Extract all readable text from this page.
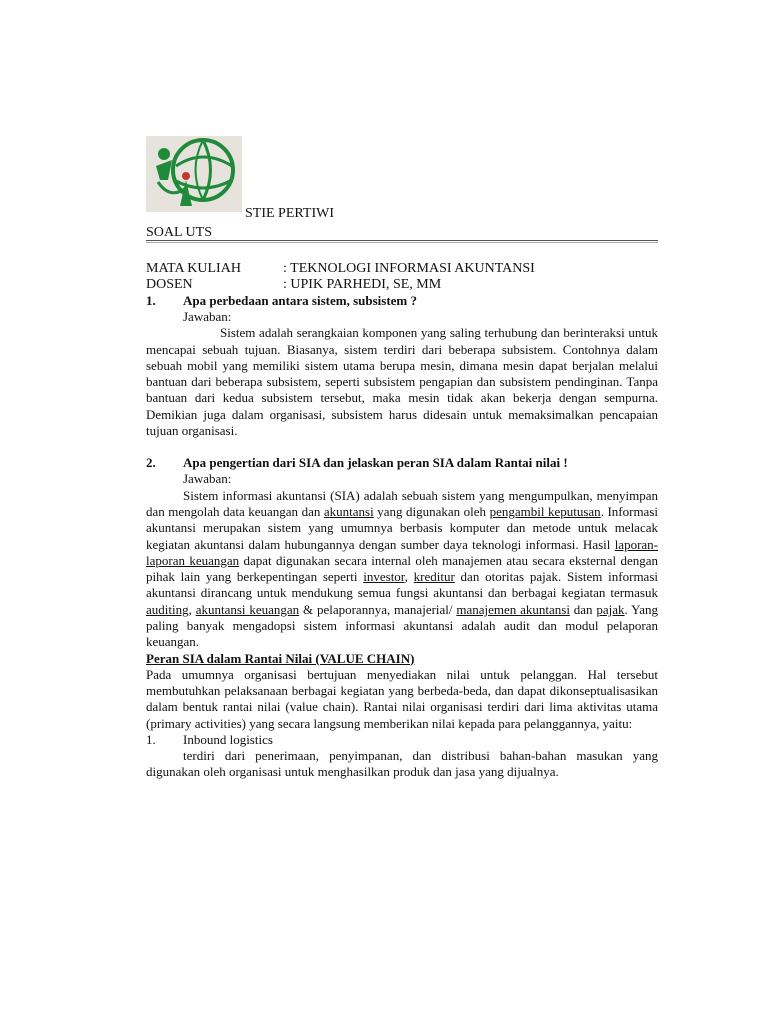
STIE PERTIWI
SOAL UTS
MATA KULIAH	: TEKNOLOGI INFORMASI AKUNTANSI
DOSEN	: UPIK PARHEDI, SE, MM
1.	Apa perbedaan antara sistem, subsistem ?
Jawaban:

Sistem adalah serangkaian komponen yang saling terhubung dan berinteraksi untuk mencapai sebuah tujuan. Biasanya, sistem terdiri dari beberapa subsistem. Contohnya dalam sebuah mobil yang memiliki sistem utama berupa mesin, dimana mesin dapat berjalan melalui bantuan dari beberapa subsistem, seperti subsistem pengapian dan subsistem pendinginan. Tanpa bantuan dari kedua subsistem tersebut, maka mesin tidak akan bekerja dengan sempurna. Demikian juga dalam organisasi, subsistem harus didesain untuk memaksimalkan pencapaian tujuan organisasi.

2.	Apa pengertian dari SIA dan jelaskan peran SIA dalam Rantai nilai !
Jawaban:

Sistem informasi akuntansi (SIA) adalah sebuah sistem yang mengumpulkan, menyimpan dan mengolah data keuangan dan akuntansi yang digunakan oleh pengambil keputusan. Informasi akuntansi merupakan sistem yang umumnya berbasis komputer dan metode untuk melacak kegiatan akuntansi dalam hubungannya dengan sumber daya teknologi informasi. Hasil laporan-laporan keuangan dapat digunakan secara internal oleh manajemen atau secara eksternal dengan pihak lain yang berkepentingan seperti investor, kreditur dan otoritas pajak. Sistem informasi akuntansi dirancang untuk mendukung semua fungsi akuntansi dan berbagai kegiatan termasuk auditing, akuntansi keuangan & pelaporannya, manajerial/ manajemen akuntansi dan pajak. Yang paling banyak mengadopsi sistem informasi akuntansi adalah audit dan modul pelaporan keuangan.

Peran SIA dalam Rantai Nilai (VALUE CHAIN)

Pada umumnya organisasi bertujuan menyediakan nilai untuk pelanggan. Hal tersebut membutuhkan pelaksanaan berbagai kegiatan yang berbeda-beda, dan dapat dikonseptualisasikan dalam bentuk rantai nilai (value chain). Rantai nilai organisasi terdiri dari lima aktivitas utama (primary activities) yang secara langsung memberikan nilai kepada para pelanggannya, yaitu:

1.	Inbound logistics

terdiri dari penerimaan, penyimpanan, dan distribusi bahan-bahan masukan yang digunakan oleh organisasi untuk menghasilkan produk dan jasa yang dijualnya.
